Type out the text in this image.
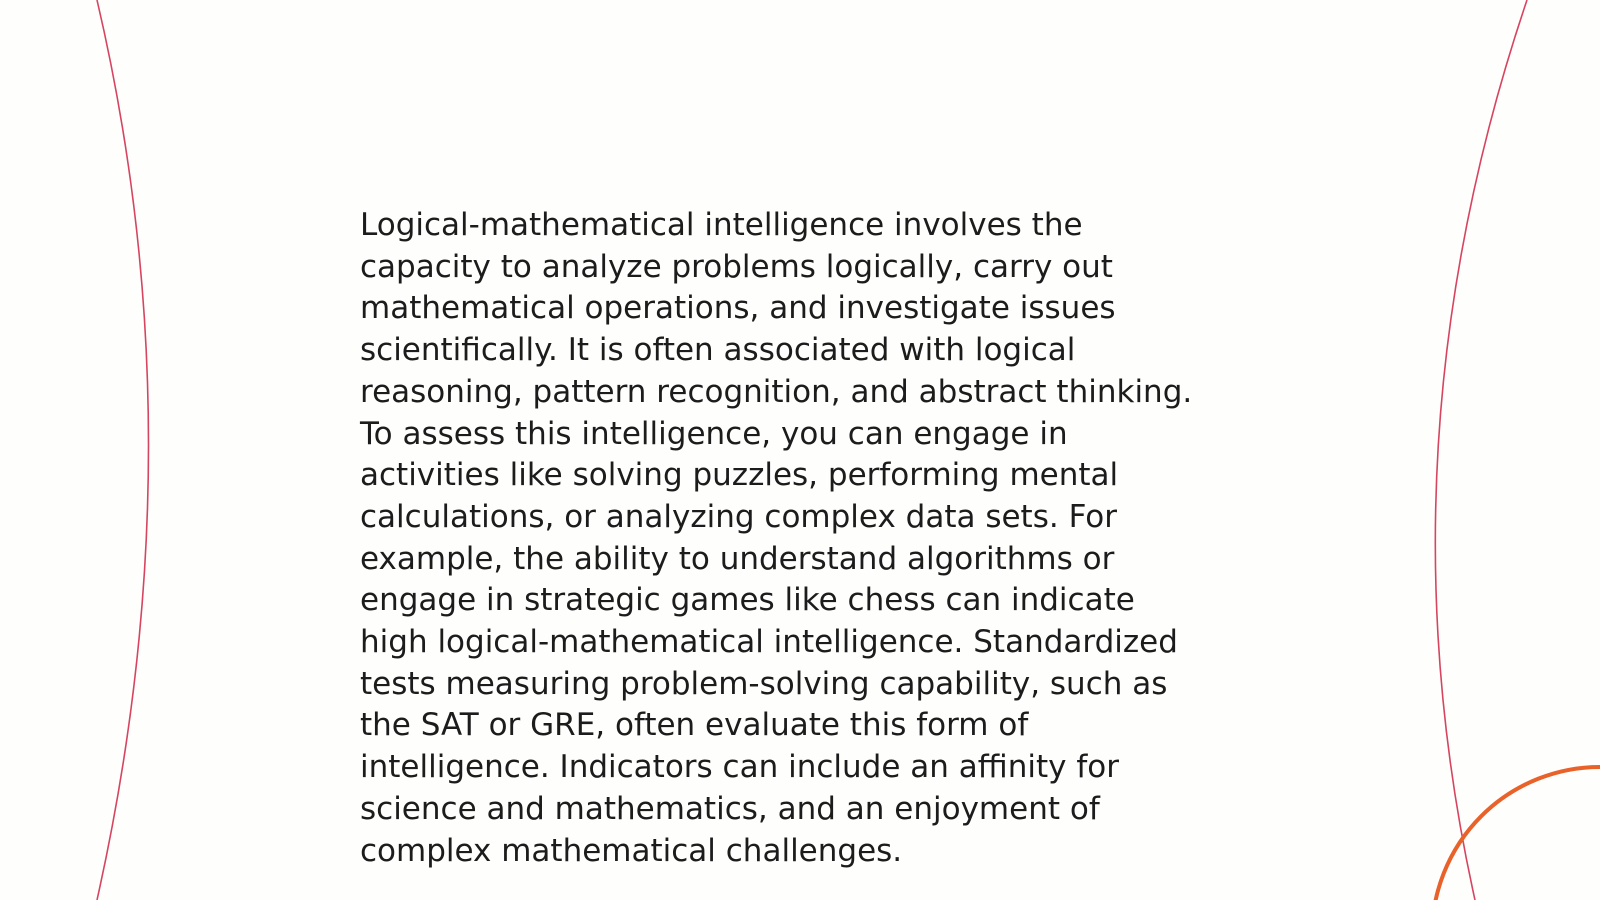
Logical-mathematical intelligence involves the
capacity to analyze problems logically, carry out
mathematical operations, and investigate issues
scientifically. It is often associated with logical
reasoning, pattern recognition, and abstract thinking.
To assess this intelligence, you can engage in
activities like solving puzzles, performing mental
calculations, or analyzing complex data sets. For
example, the ability to understand algorithms or
engage in strategic games like chess can indicate
high logical-mathematical intelligence. Standardized
tests measuring problem-solving capability, such as
the SAT or GRE, often evaluate this form of
intelligence. Indicators can include an affinity for
science and mathematics, and an enjoyment of
complex mathematical challenges.
